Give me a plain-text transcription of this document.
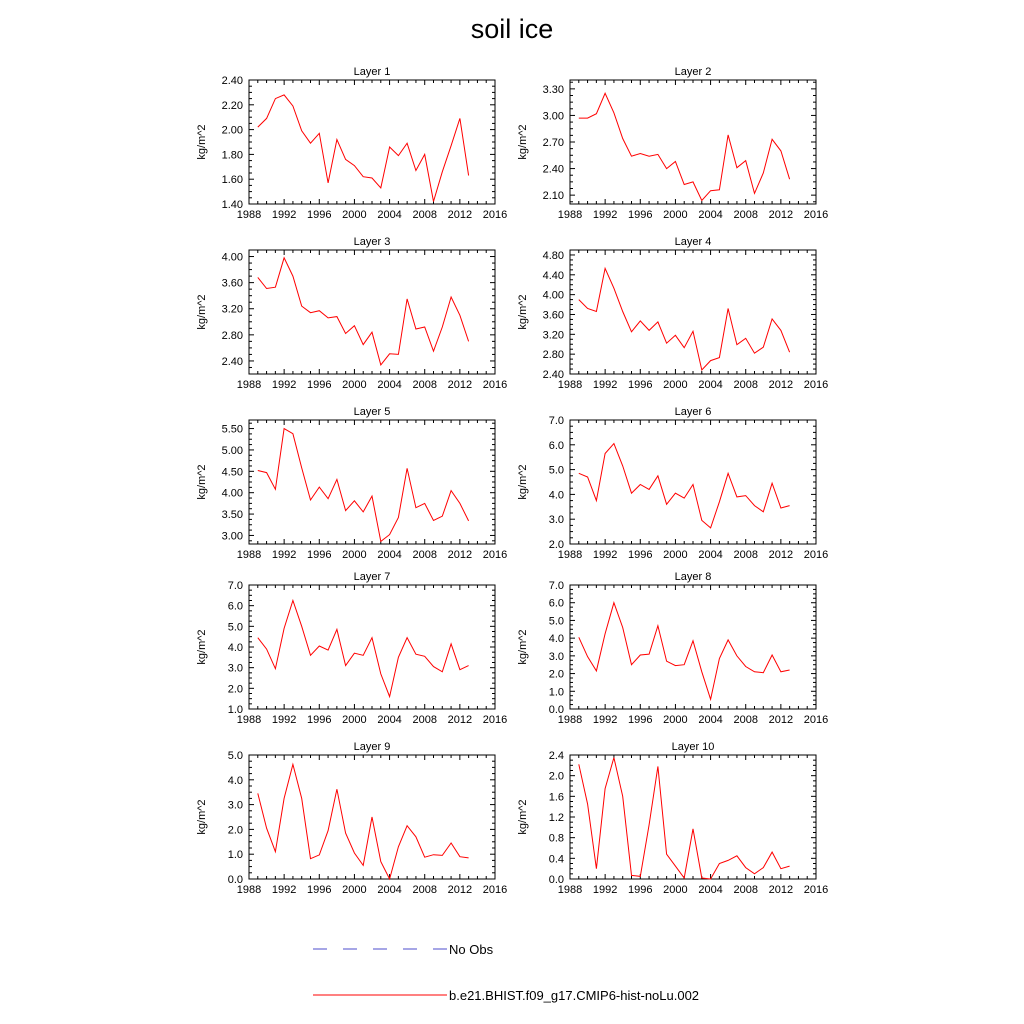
soil ice
Layer 1
kg/m^2
1988 1992 1996 2000 2004 2008 2012 2016
1.40
1.60
1.80
2.00
2.20
2.40
Layer 2
kg/m^2
1988 1992 1996 2000 2004 2008 2012 2016
2.10
2.40
2.70
3.00
3.30
Layer 3
kg/m^2
1988 1992 1996 2000 2004 2008 2012 2016
2.40
2.80
3.20
3.60
4.00
Layer 4
kg/m^2
1988 1992 1996 2000 2004 2008 2012 2016
2.40
2.80
3.20
3.60
4.00
4.40
4.80
Layer 5
kg/m^2
1988 1992 1996 2000 2004 2008 2012 2016
3.00
3.50
4.00
4.50
5.00
5.50
Layer 6
kg/m^2
1988 1992 1996 2000 2004 2008 2012 2016
2.0
3.0
4.0
5.0
6.0
7.0
Layer 7
kg/m^2
1988 1992 1996 2000 2004 2008 2012 2016
1.0
2.0
3.0
4.0
5.0
6.0
7.0
Layer 8
kg/m^2
1988 1992 1996 2000 2004 2008 2012 2016
0.0
1.0
2.0
3.0
4.0
5.0
6.0
7.0
Layer 9
kg/m^2
1988 1992 1996 2000 2004 2008 2012 2016
0.0
1.0
2.0
3.0
4.0
5.0
Layer 10
kg/m^2
1988 1992 1996 2000 2004 2008 2012 2016
0.0
0.4
0.8
1.2
1.6
2.0
2.4
No Obs
b.e21.BHIST.f09_g17.CMIP6-hist-noLu.002
